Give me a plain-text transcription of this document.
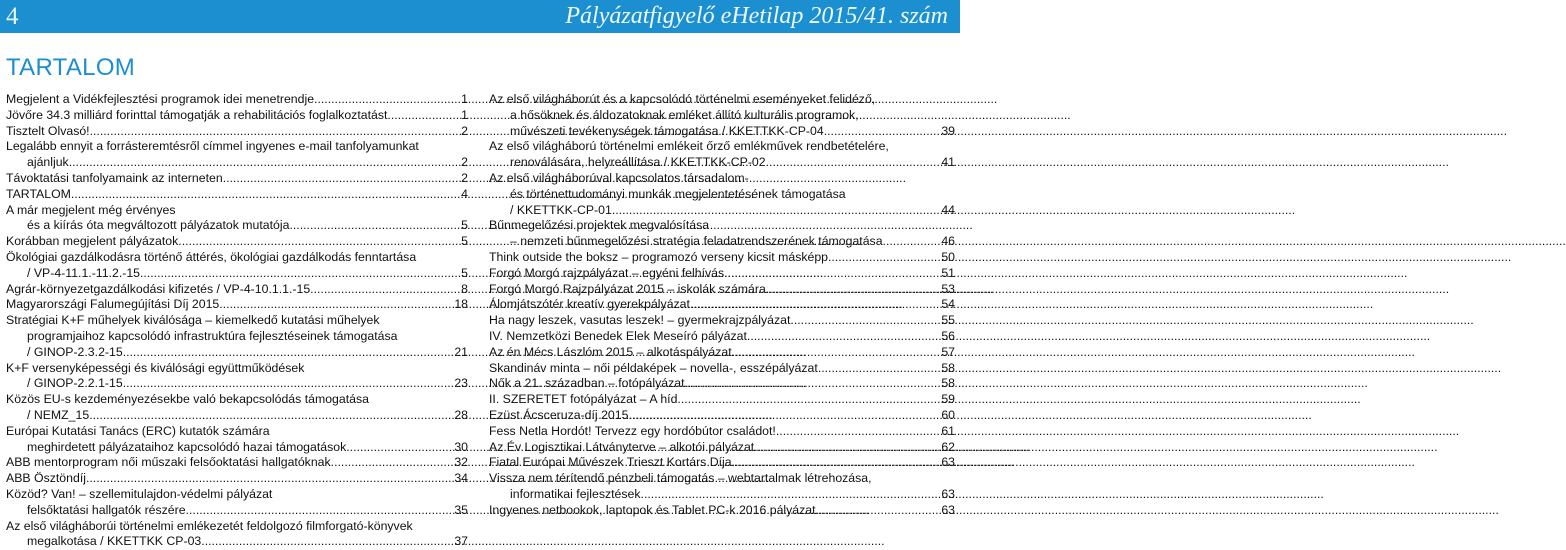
4	Pályázatfigyelő eHetilap 2015/41. szám
TARTALOM
Megjelent a Vidékfejlesztési programok idei menetrendje .....	1
Jövőre 34.3 milliárd forinttal támogatják a rehabilitációs foglalkoztatást .....	1
Tisztelt Olvasó! .....	2
Legalább ennyit a forrásteremtésről címmel ingyenes e-mail tanfolyamunkat
ajánljuk .....	2
Távoktatási tanfolyamaink az interneten .....	2
TARTALOM .....	4
A már megjelent még érvényes
és a kiírás óta megváltozott pályázatok mutatója .....	5
Korábban megjelent pályázatok .....	5
Ökológiai gazdálkodásra történő áttérés, ökológiai gazdálkodás fenntartása
/ VP-4-11.1.-11.2.-15 .....	5
Agrár-környezetgazdálkodási kifizetés / VP-4-10.1.1.-15 .....	8
Magyarországi Falumegújítási Díj 2015 .....	18
Stratégiai K+F műhelyek kiválósága – kiemelkedő kutatási műhelyek
programjaihoz kapcsolódó infrastruktúra fejlesztéseinek támogatása
/ GINOP-2.3.2-15 .....	21
K+F versenyképességi és kiválósági együttműködések
/ GINOP-2.2.1-15 .....	23
Közös EU-s kezdeményezésekbe való bekapcsolódás támogatása
/ NEMZ_15 .....	28
Európai Kutatási Tanács (ERC) kutatók számára
meghirdetett pályázataihoz kapcsolódó hazai támogatások .....	30
ABB mentorprogram női műszaki felsőoktatási hallgatóknak .....	32
ABB Ösztöndíj .....	34
Közöd? Van! – szellemitulajdon-védelmi pályázat
felsőktatási hallgatók részére .....	35
Az első világháborúi történelmi emlékezetét feldolgozó filmforgató-könyvek
megalkotása / KKETTKK CP-03 .....	37
Az első világháborút és a kapcsolódó történelmi eseményeket felidéző,
a hősöknek és áldozatoknak emléket állító kulturális programok,
művészeti tevékenységek támogatása / KKETTKK-CP-04 .....	39
Az első világháború történelmi emlékeit őrző emlékművek rendbetételére,
renoválására, helyreállítása / KKETTKK-CP-02 .....	41
Az első világháborúval kapcsolatos társadalom-
és történettudományi munkák megjelentetésének támogatása
/ KKETTKK-CP-01 .....	44
Bűnmegelőzési projektek megvalósítása
– nemzeti bűnmegelőzési stratégia feladatrendszerének támogatása .....	46
Think outside the boksz – programozó verseny kicsit másképp .....	50
Forgó Morgó rajzpályázat – egyéni felhívás .....	51
Forgó Morgó Rajzpályázat 2015 – iskolák számára .....	53
Álomjátszótér kreatív gyerekpályázat .....	54
Ha nagy leszek, vasutas leszek! – gyermekrajzpályázat .....	55
IV. Nemzetközi Benedek Elek Meseíró pályázat .....	56
Az én Mécs Lászlóm 2015 – alkotáspályázat .....	57
Skandináv minta – női példaképek – novella-, esszépályázat .....	58
Nők a 21. században – fotópályázat .....	58
II. SZERETET fotópályázat – A híd .....	59
Ezüst Ácsceruza-díj 2015 .....	60
Fess Netla Hordót! Tervezz egy hordóbútor családot! .....	61
Az Év Logisztikai Látványterve – alkotói pályázat .....	62
Fiatal Európai Művészek Trieszt Kortárs Díja .....	63
Vissza nem térítendő pénzbeli támogatás – webtartalmak létrehozása,
informatikai fejlesztések .....	63
Ingyenes netbookok, laptopok és Tablet PC-k 2016 pályázat .....	63
